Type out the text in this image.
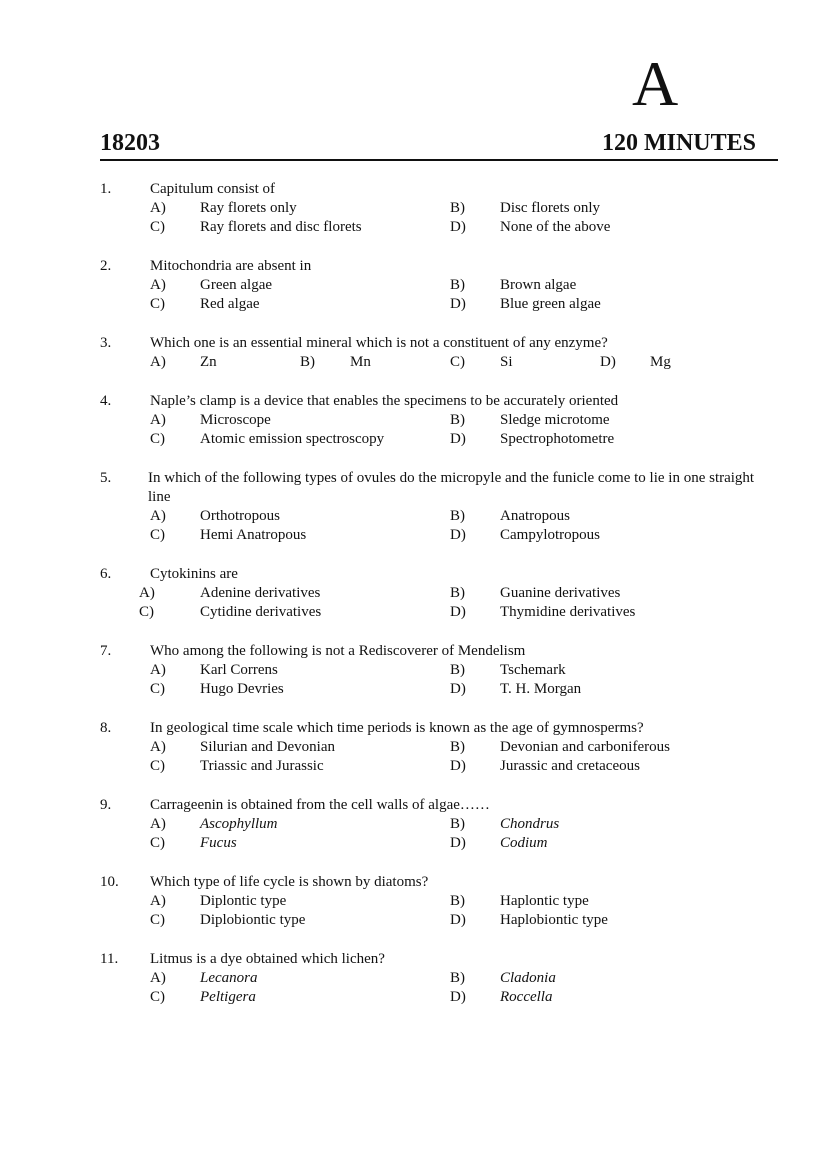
A
18203	120 MINUTES
1.	Capitulum consist of
A) Ray florets only	B) Disc florets only
C) Ray florets and disc florets	D) None of the above
2.	Mitochondria are absent in
A) Green algae	B) Brown algae
C) Red algae	D) Blue green algae
3.	Which one is an essential mineral which is not a constituent of any enzyme?
A) Zn	B) Mn	C) Si	D) Mg
4.	Naple’s clamp is a device that enables the specimens to be accurately oriented
A) Microscope	B) Sledge microtome
C) Atomic emission spectroscopy	D) Spectrophotometre
5. In which of the following types of ovules do the micropyle and the funicle come to lie in one straight line
A) Orthotropous	B) Anatropous
C) Hemi Anatropous	D) Campylotropous
6.	Cytokinins are
A)	Adenine derivatives	B) Guanine derivatives
C)	Cytidine derivatives	D) Thymidine derivatives
7.	Who among the following is not a Rediscoverer of Mendelism
A) Karl Correns	B) Tschemark
C) Hugo Devries	D) T. H. Morgan
8.	In geological time scale which time periods is known as the age of gymnosperms?
A) Silurian and Devonian	B) Devonian and carboniferous
C) Triassic and Jurassic	D) Jurassic and cretaceous
9.	Carrageenin is obtained from the cell walls of algae……
A) Ascophyllum	B) Chondrus
C) Fucus	D) Codium
10. Which type of life cycle is shown by diatoms?
A) Diplontic type	B) Haplontic type
C) Diplobiontic type	D) Haplobiontic type
11. Litmus is a dye obtained which lichen?
A) Lecanora	B) Cladonia
C) Peltigera	D) Roccella
